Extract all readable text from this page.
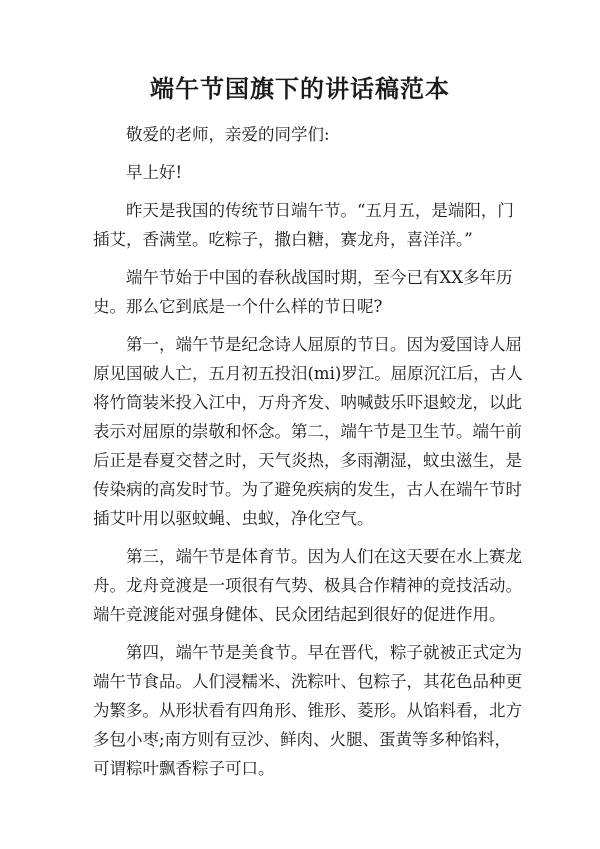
端午节国旗下的讲话稿范本

敬爱的老师，亲爱的同学们:

早上好!

昨天是我国的传统节日端午节。“五月五，是端阳，门
插艾，香满堂。吃粽子，撒白糖，赛龙舟，喜洋洋。”

端午节始于中国的春秋战国时期，至今已有XX多年历
史。那么它到底是一个什么样的节日呢?

第一，端午节是纪念诗人屈原的节日。因为爱国诗人屈
原见国破人亡，五月初五投汨(mi)罗江。屈原沉江后，古人
将竹筒装米投入江中，万舟齐发、呐喊鼓乐吓退蛟龙，以此
表示对屈原的崇敬和怀念。第二，端午节是卫生节。端午前
后正是春夏交替之时，天气炎热，多雨潮湿，蚊虫滋生，是
传染病的高发时节。为了避免疾病的发生，古人在端午节时
插艾叶用以驱蚊蝇、虫蚁，净化空气。

第三，端午节是体育节。因为人们在这天要在水上赛龙
舟。龙舟竞渡是一项很有气势、极具合作精神的竞技活动。
端午竞渡能对强身健体、民众团结起到很好的促进作用。

第四，端午节是美食节。早在晋代，粽子就被正式定为
端午节食品。人们浸糯米、洗粽叶、包粽子，其花色品种更
为繁多。从形状看有四角形、锥形、菱形。从馅料看，北方
多包小枣;南方则有豆沙、鲜肉、火腿、蛋黄等多种馅料，
可谓粽叶飘香粽子可口。
